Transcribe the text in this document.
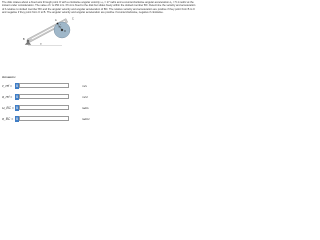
The disk rotates about a fixed axis through point O with a clockwise angular velocity ω₀ = 17 rad/s and a counterclockwise angular acceleration α₀ = 5.1 rad/s² at the instant under consideration. The value of r is 250 mm. Pin A is fixed to the disk but slides freely within the slotted member BC. Determine the velocity and acceleration of A relative to slotted member BC and the angular velocity and angular acceleration of BC. The relative velocity and acceleration are positive if they point from B to C and negative if they point from C to B. The angular velocity and angular acceleration are positive if counterclockwise, negative if clockwise.
A
C
O
60°
r
2r
B
Answers:
v_rel =	i	m/s
a_rel =	i	m/s²
ω_BC = i	rad/s
α_BC = i	rad/s²
